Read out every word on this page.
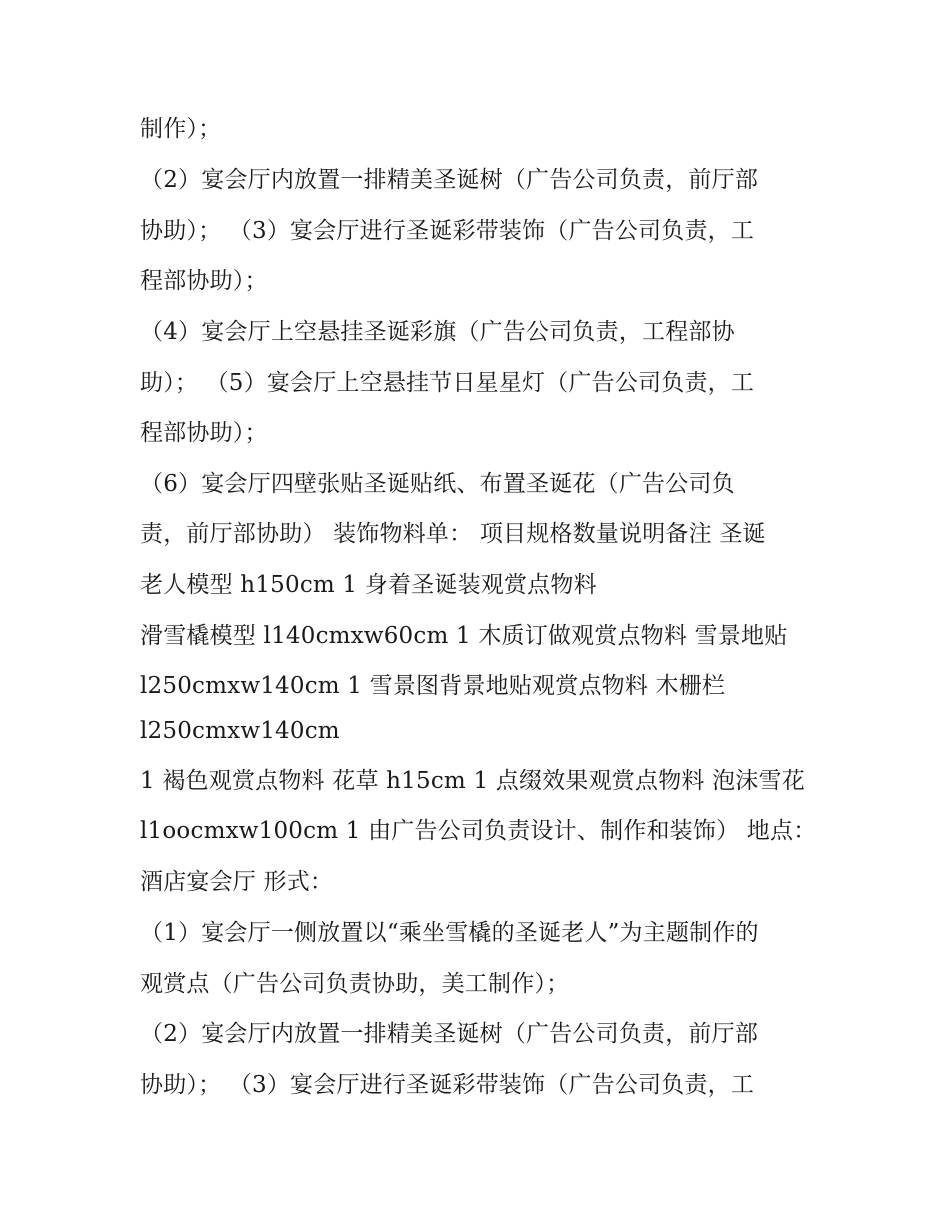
制作）；
（2）宴会厅内放置一排精美圣诞树（广告公司负责，前厅部
协助）； （3）宴会厅进行圣诞彩带装饰（广告公司负责，工
程部协助）；
（4）宴会厅上空悬挂圣诞彩旗（广告公司负责，工程部协
助）； （5）宴会厅上空悬挂节日星星灯（广告公司负责，工
程部协助）；
（6）宴会厅四壁张贴圣诞贴纸、布置圣诞花（广告公司负
责，前厅部协助） 装饰物料单： 项目规格数量说明备注 圣诞
老人模型 h150cm 1 身着圣诞装观赏点物料
滑雪橇模型 l140cmxw60cm 1 木质订做观赏点物料 雪景地贴
l250cmxw140cm 1 雪景图背景地贴观赏点物料 木栅栏
l250cmxw140cm
1 褐色观赏点物料 花草 h15cm 1 点缀效果观赏点物料 泡沫雪花
l1oocmxw100cm 1 由广告公司负责设计、制作和装饰） 地点：
酒店宴会厅 形式：
（1）宴会厅一侧放置以“乘坐雪橇的圣诞老人”为主题制作的
观赏点（广告公司负责协助，美工制作）；
（2）宴会厅内放置一排精美圣诞树（广告公司负责，前厅部
协助）； （3）宴会厅进行圣诞彩带装饰（广告公司负责，工
